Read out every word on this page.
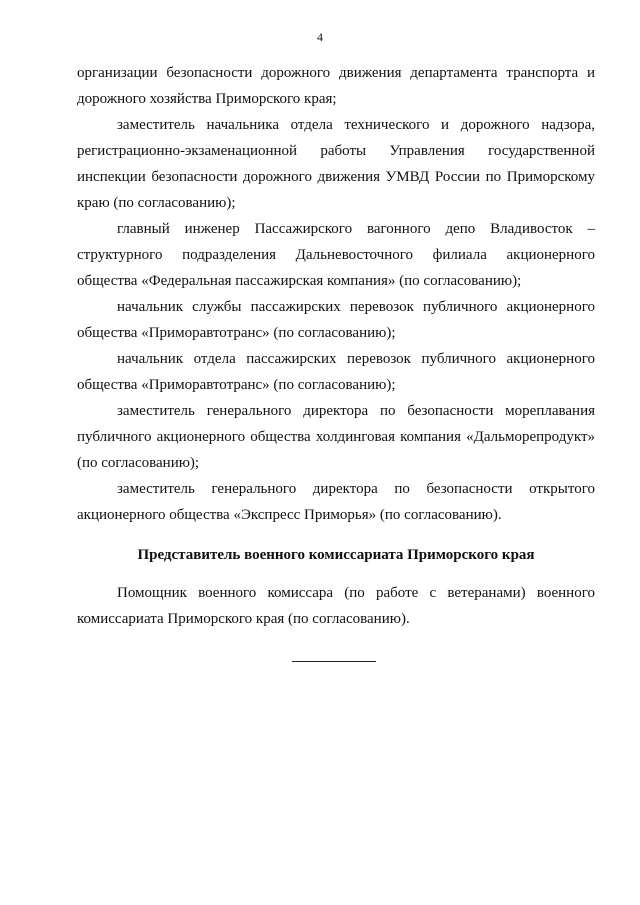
4

организации безопасности дорожного движения департамента транспорта и дорожного хозяйства Приморского края;

заместитель начальника отдела технического и дорожного надзора, регистрационно-экзаменационной работы Управления государственной инспекции безопасности дорожного движения УМВД России по Приморскому краю (по согласованию);

главный инженер Пассажирского вагонного депо Владивосток – структурного подразделения Дальневосточного филиала акционерного общества «Федеральная пассажирская компания» (по согласованию);

начальник службы пассажирских перевозок публичного акционерного общества «Приморавтотранс» (по согласованию);

начальник отдела пассажирских перевозок публичного акционерного общества «Приморавтотранс» (по согласованию);

заместитель генерального директора по безопасности мореплавания публичного акционерного общества холдинговая компания «Дальморепродукт» (по согласованию);

заместитель генерального директора по безопасности открытого акционерного общества «Экспресс Приморья» (по согласованию).

Представитель военного комиссариата Приморского края

Помощник военного комиссара (по работе с ветеранами) военного комиссариата Приморского края (по согласованию).
